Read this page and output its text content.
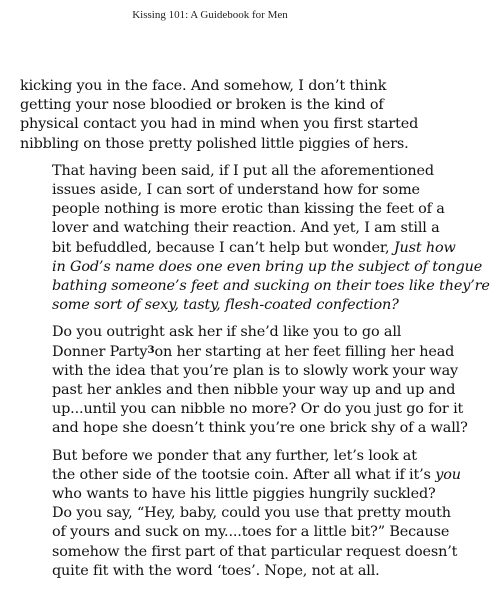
Kissing 101: A Guidebook for Men

kicking you in the face. And somehow, I don’t think
getting your nose bloodied or broken is the kind of
physical contact you had in mind when you first started
nibbling on those pretty polished little piggies of hers.

That having been said, if I put all the aforementioned
issues aside, I can sort of understand how for some
people nothing is more erotic than kissing the feet of a
lover and watching their reaction. And yet, I am still a
bit befuddled, because I can’t help but wonder, Just how
in God’s name does one even bring up the subject of tongue
bathing someone’s feet and sucking on their toes like they’re
some sort of sexy, tasty, flesh-coated confection?

Do you outright ask her if she’d like you to go all
Donner Party$^3$on her starting at her feet filling her head
with the idea that you’re plan is to slowly work your way
past her ankles and then nibble your way up and up and
up...until you can nibble no more? Or do you just go for it
and hope she doesn’t think you’re one brick shy of a wall?

But before we ponder that any further, let’s look at
the other side of the tootsie coin. After all what if it’s you
who wants to have his little piggies hungrily suckled?
Do you say, “Hey, baby, could you use that pretty mouth
of yours and suck on my....toes for a little bit?” Because
somehow the first part of that particular request doesn’t
quite fit with the word ‘toes’. Nope, not at all.
